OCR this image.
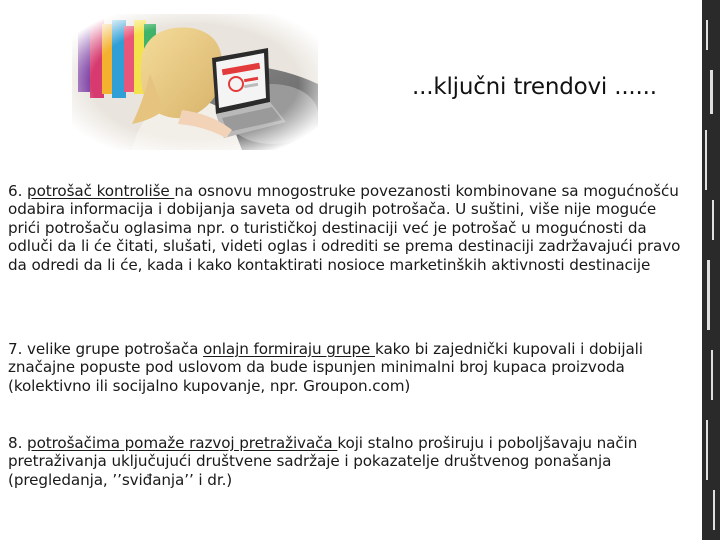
...ključni trendovi ......
6. potrošač kontroliše na osnovu mnogostruke povezanosti kombinovane sa mogućnošću odabira informacija i dobijanja saveta od drugih potrošača. U suštini, više nije moguće prići potrošaču oglasima npr. o turističkoj destinaciji već je potrošač u mogućnosti da odluči da li će čitati, slušati, videti oglas i odrediti se prema destinaciji zadržavajući pravo da odredi da li će, kada i kako kontaktirati nosioce marketinških aktivnosti destinacije
7. velike grupe potrošača onlajn formiraju grupe kako bi zajednički kupovali i dobijali značajne popuste pod uslovom da bude ispunjen minimalni broj kupaca proizvoda (kolektivno ili socijalno kupovanje, npr. Groupon.com)
8. potrošačima pomaže razvoj pretraživača koji stalno proširuju i poboljšavaju način pretraživanja uključujući društvene sadržaje i pokazatelje društvenog ponašanja (pregledanja, ’’sviđanja’’ i dr.)
